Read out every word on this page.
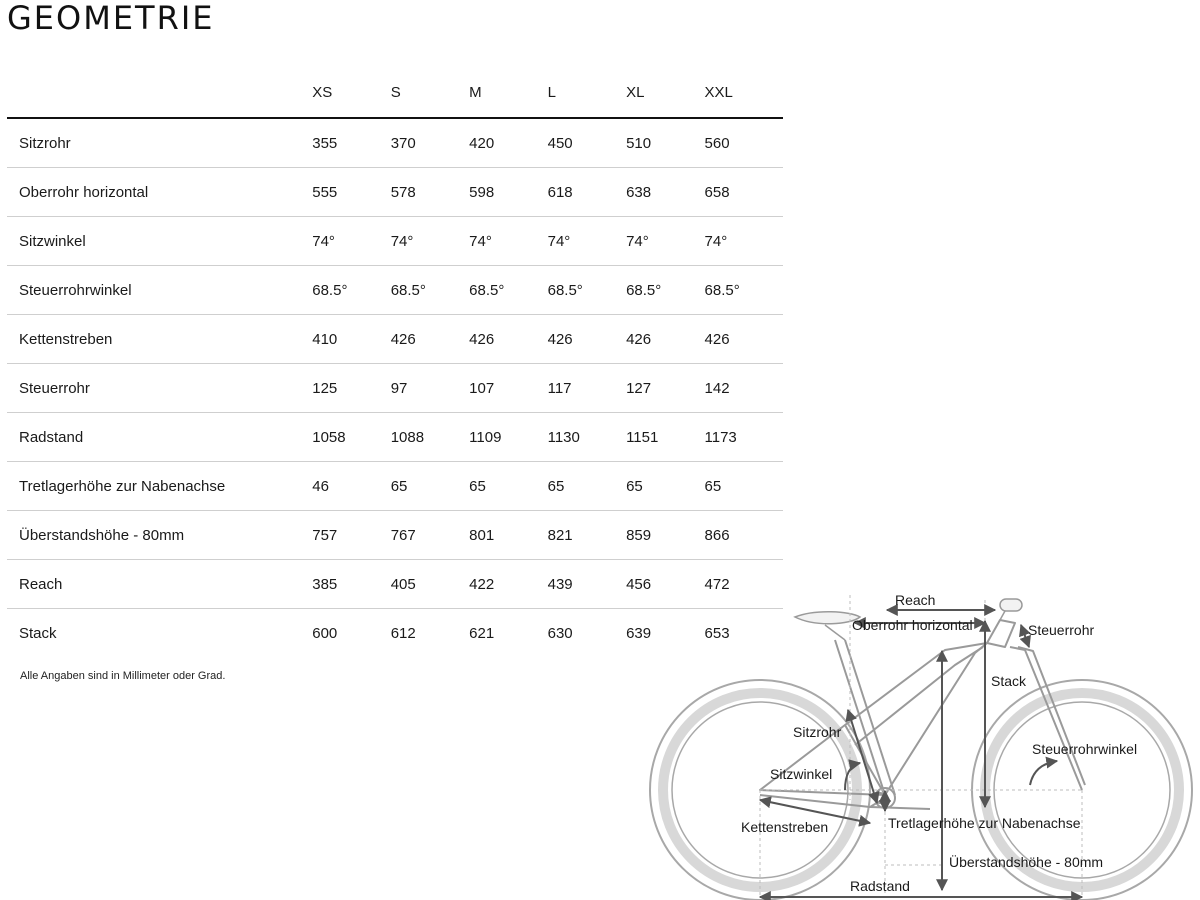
GEOMETRIE
	XS	S	M	L	XL	XXL
Sitzrohr	355	370	420	450	510	560
Oberrohr horizontal	555	578	598	618	638	658
Sitzwinkel	74°	74°	74°	74°	74°	74°
Steuerrohrwinkel	68.5°	68.5°	68.5°	68.5°	68.5°	68.5°
Kettenstreben	410	426	426	426	426	426
Steuerrohr	125	97	107	117	127	142
Radstand	1058	1088	1109	1130	1151	1173
Tretlagerhöhe zur Nabenachse	46	65	65	65	65	65
Überstandshöhe - 80mm	757	767	801	821	859	866
Reach	385	405	422	439	456	472
Stack	600	612	621	630	639	653

Alle Angaben sind in Millimeter oder Grad.

Reach
Oberrohr horizontal	Steuerrohr
Stack
Sitzrohr
Steuerrohrwinkel
Sitzwinkel
Kettenstreben	Tretlagerhöhe zur Nabenachse
Überstandshöhe - 80mm
Radstand
